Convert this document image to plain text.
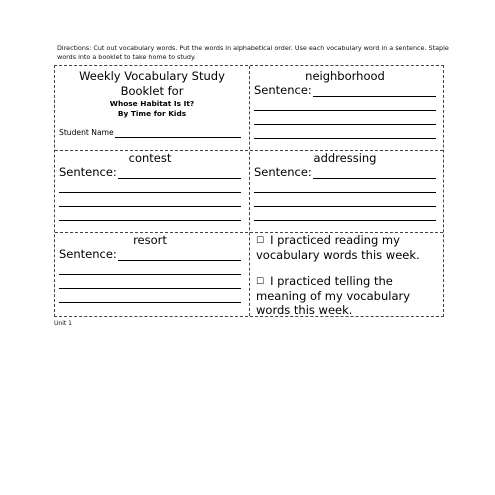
Directions: Cut out vocabulary words. Put the words in alphabetical order. Use each vocabulary word in a sentence. Staple words into a booklet to take home to study.
Weekly Vocabulary Study
Booklet for
Whose Habitat Is It?
By Time for Kids
Student Name
neighborhood
Sentence:
contest
Sentence:
addressing
Sentence:
resort
Sentence:
☐ I practiced reading my vocabulary words this week.
☐ I practiced telling the meaning of my vocabulary words this week.
Unit 1
